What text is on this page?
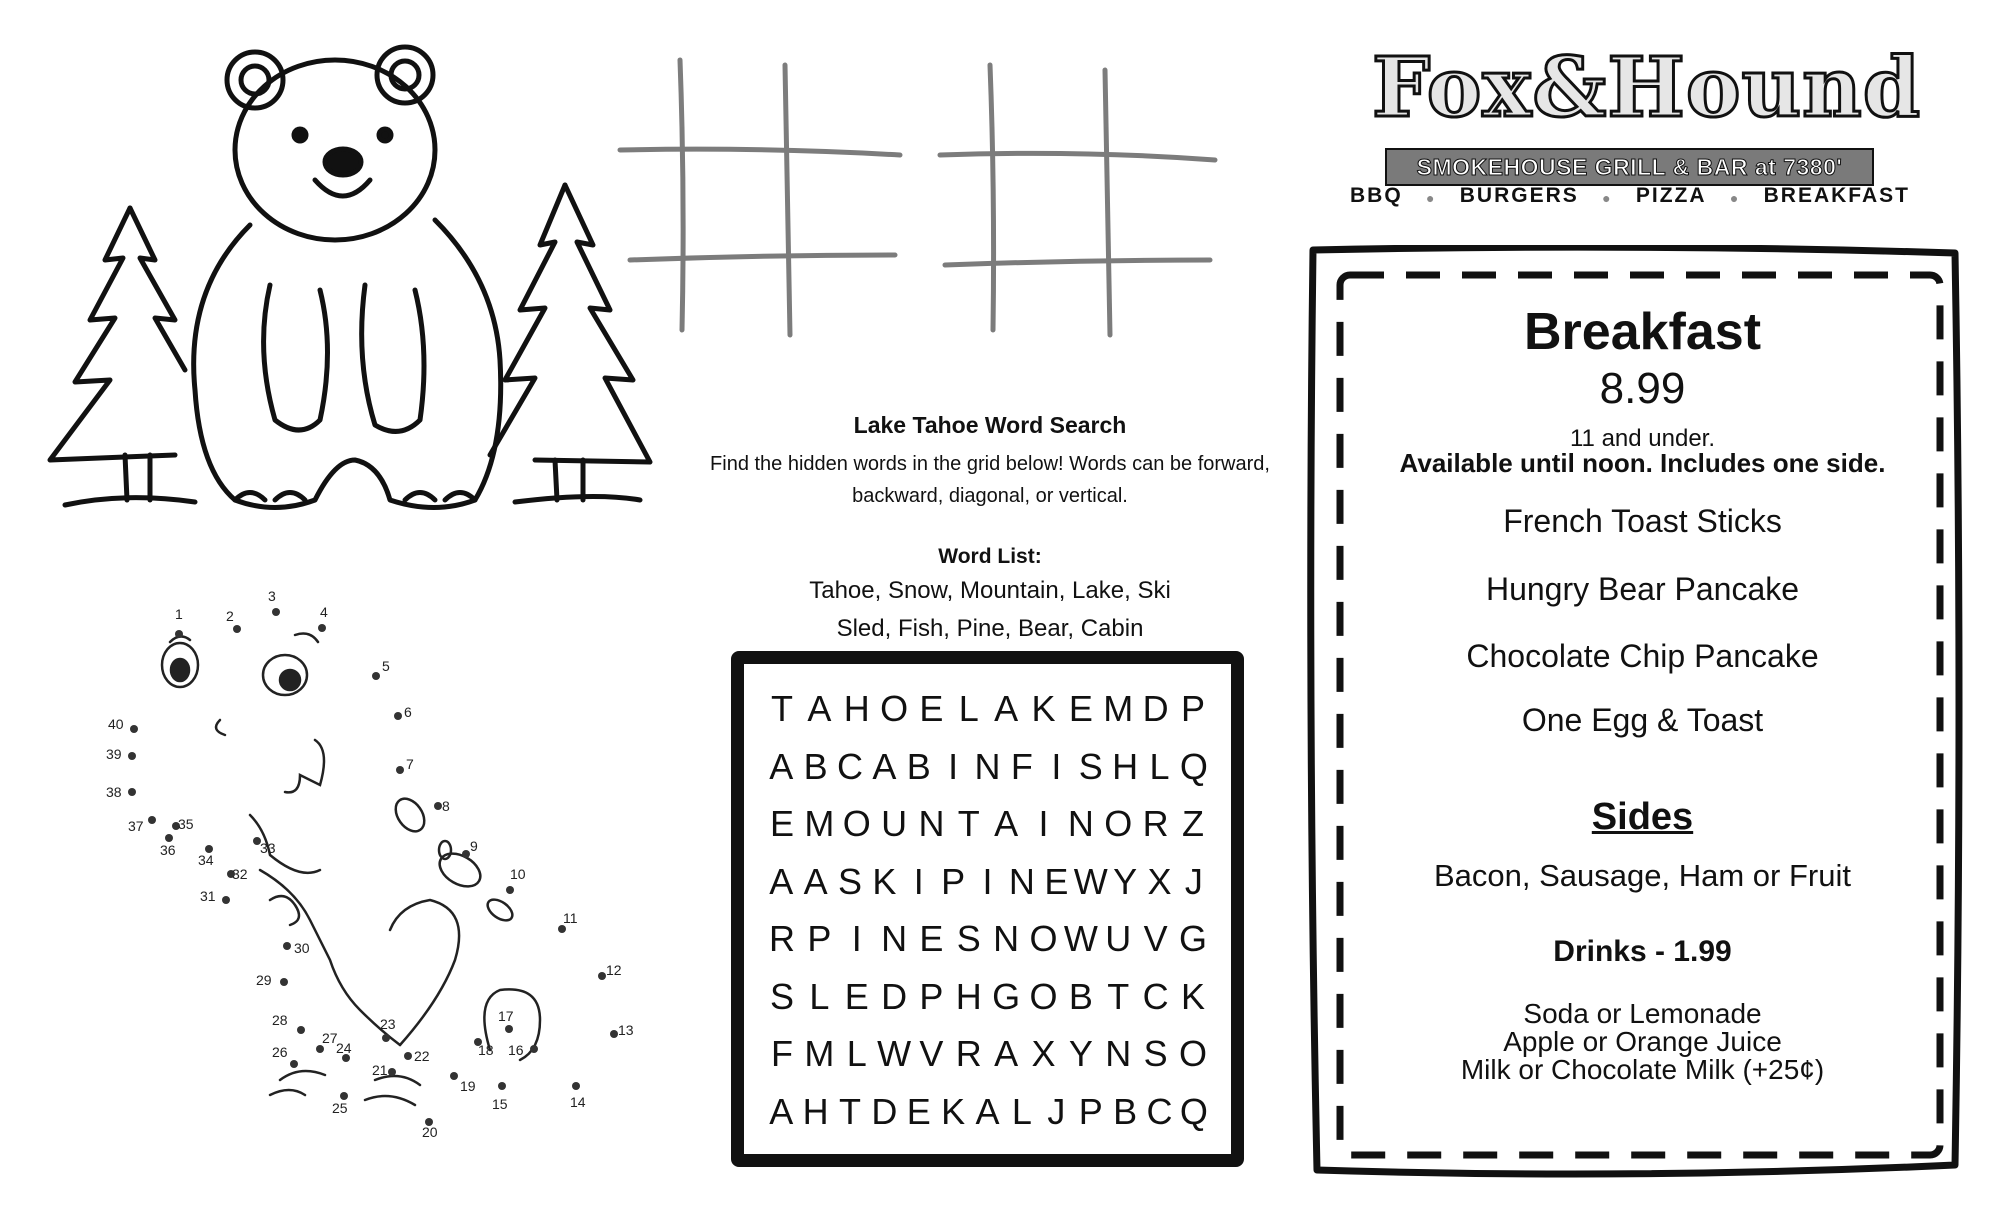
1	2
3
4
5
6
7
8
9
10
11
12
13
14
15
16
17
18
19
20
21
22
23
24
25
26
27
28
29
30
31
32
33
34
35
36
37
38
39
40
Lake Tahoe Word Search
Find the hidden words in the grid below! Words can be forward,
backward, diagonal, or vertical.
Word List:
Tahoe, Snow, Mountain, Lake, Ski
Sled, Fish, Pine, Bear, Cabin
T A H O E L A K E M D P
A B C A B I N F I S H L Q
E M O U N T A I N O R Z
A A S K I P I N E W Y X J
R P I N E S N O W U V G
S L E D P H G O B T C K
F M L W V R A X Y N S O
A H T D E K A L J P B C Q
Fox&Hound
SMOKEHOUSE GRILL & BAR at 7380'
BBQ ● BURGERS ● PIZZA ● BREAKFAST
Breakfast
8.99
11 and under.
Available until noon. Includes one side.
French Toast Sticks
Hungry Bear Pancake
Chocolate Chip Pancake
One Egg & Toast
Sides
Bacon, Sausage, Ham or Fruit
Drinks - 1.99
Soda or Lemonade
Apple or Orange Juice
Milk or Chocolate Milk (+25¢)
